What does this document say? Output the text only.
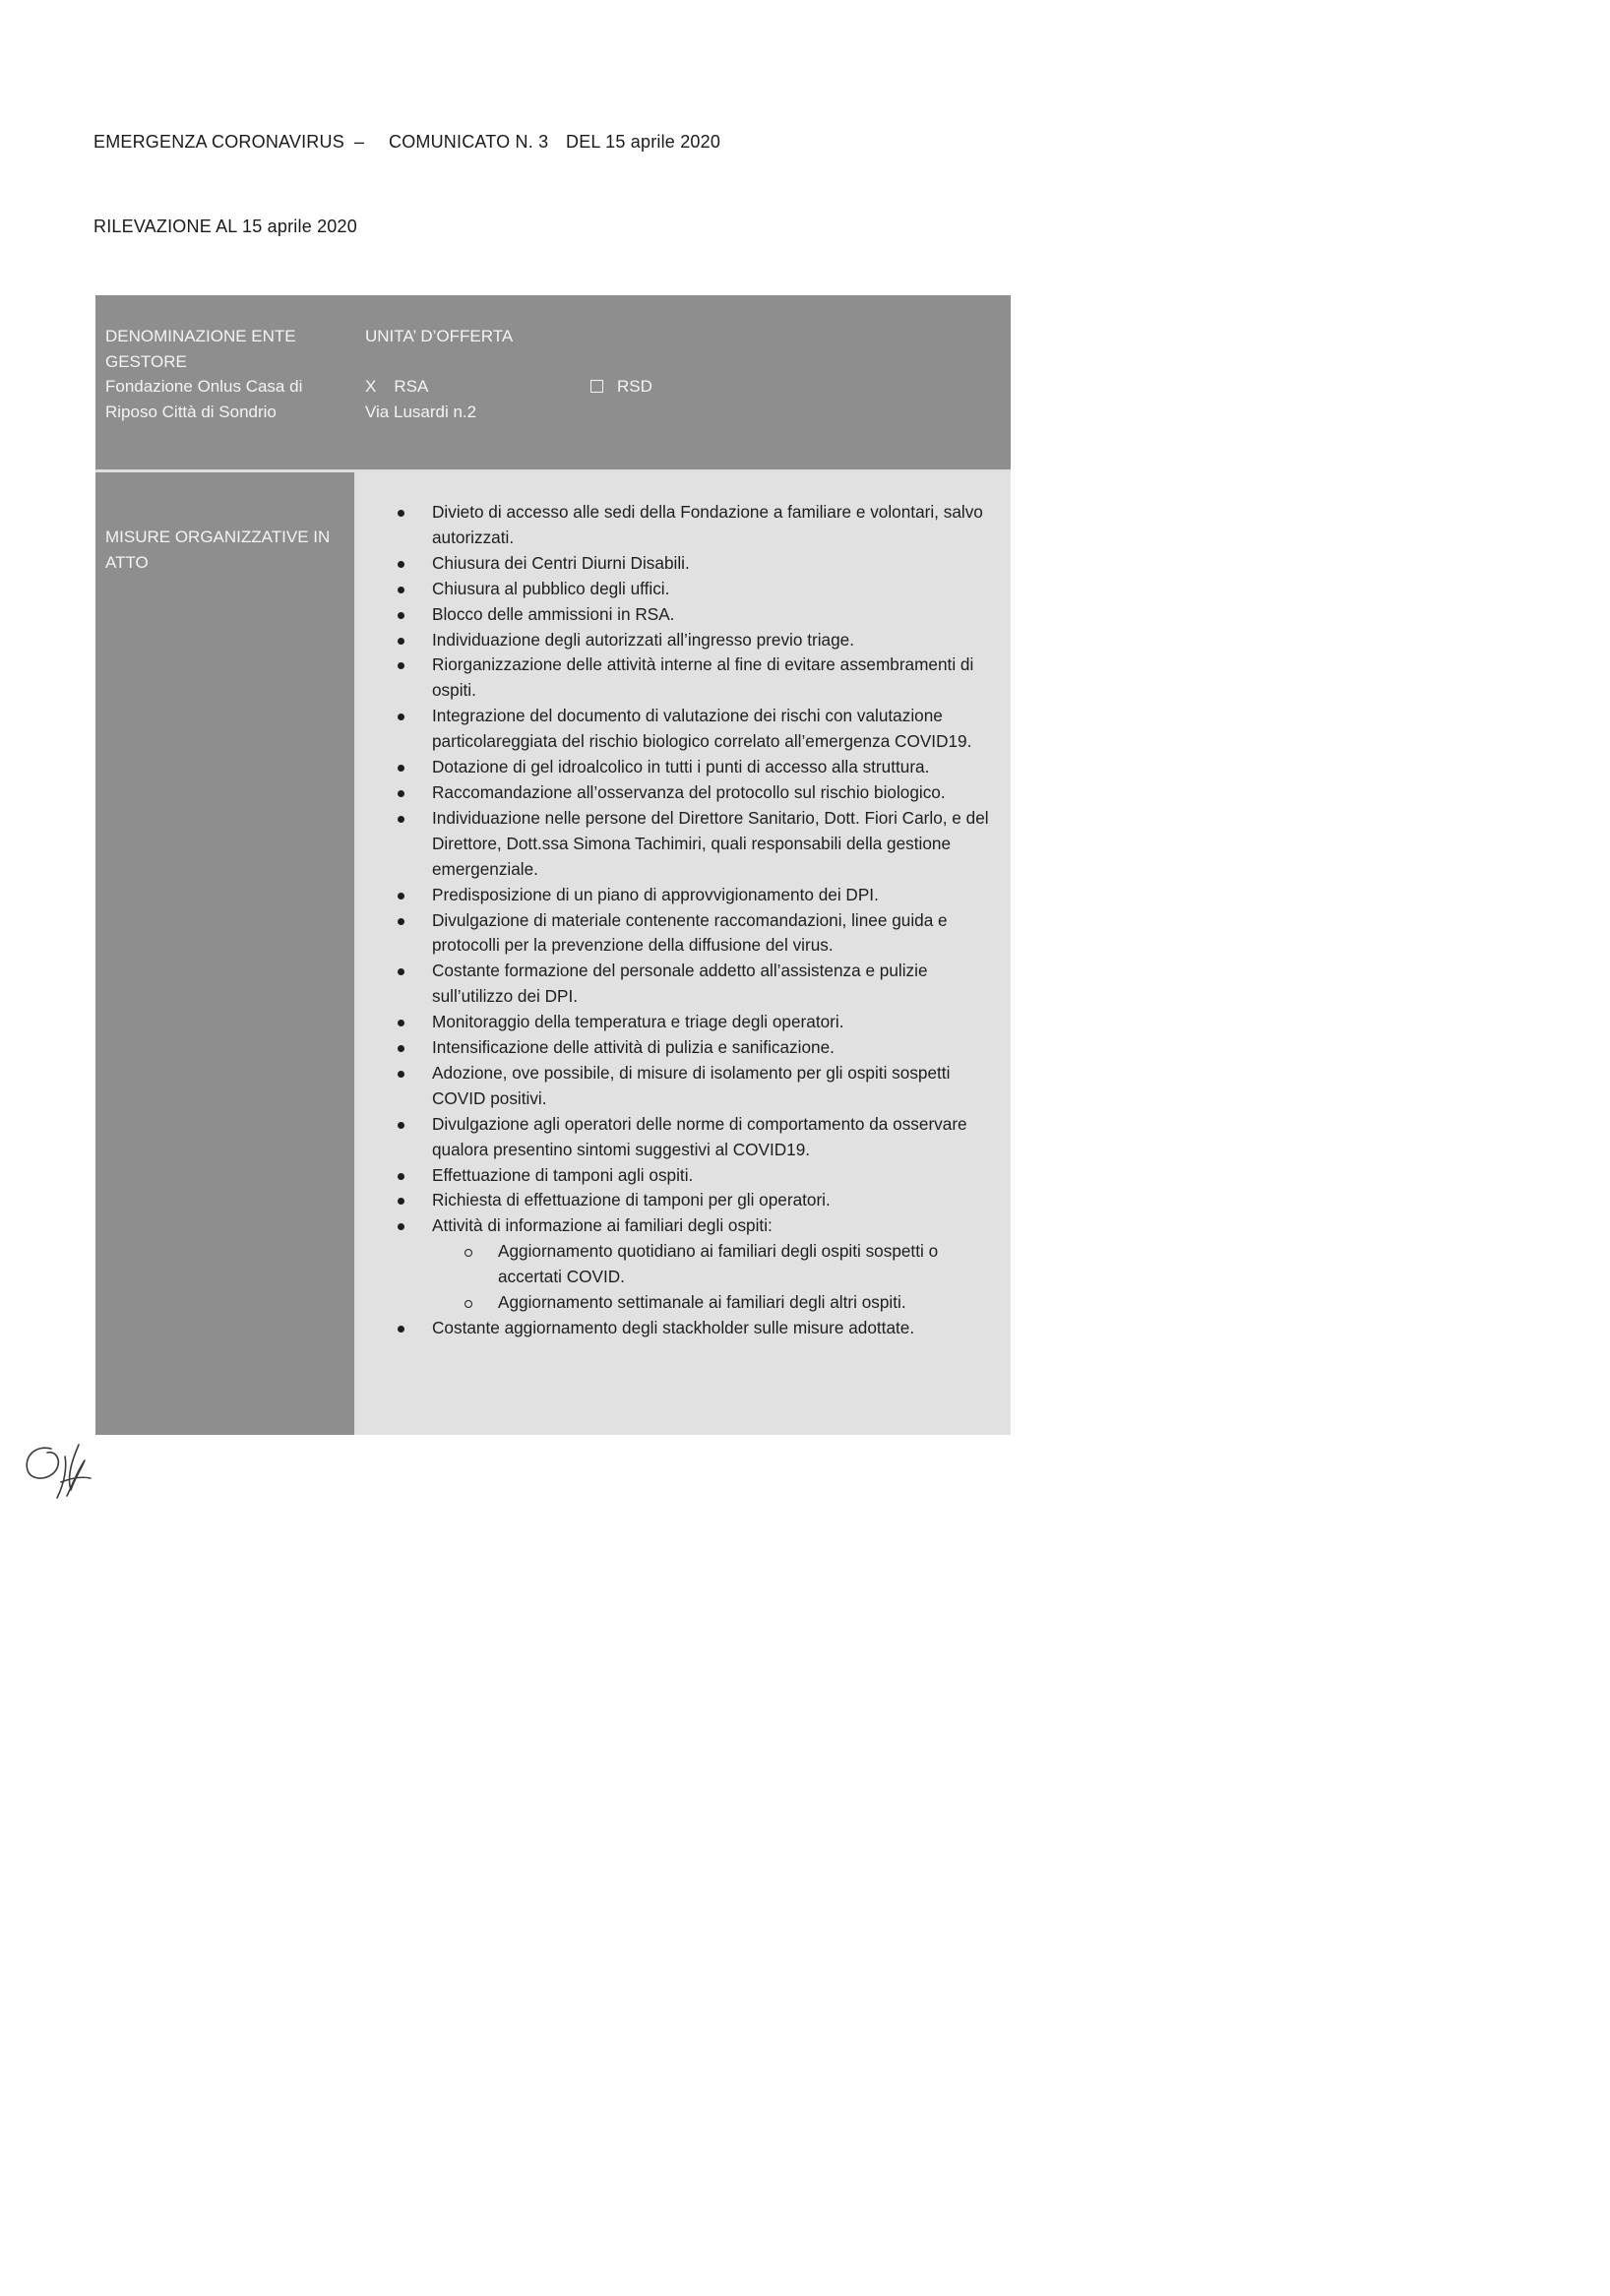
EMERGENZA CORONAVIRUS – COMUNICATO N. 3 DEL 15 aprile 2020
RILEVAZIONE AL 15 aprile 2020
DENOMINAZIONE ENTE
GESTORE
Fondazione Onlus Casa di
Riposo Città di Sondrio
UNITA’ D’OFFERTA
X RSA
Via Lusardi n.2
RSD
MISURE ORGANIZZATIVE IN ATTO
Divieto di accesso alle sedi della Fondazione a familiare e volontari, salvo autorizzati.
Chiusura dei Centri Diurni Disabili.
Chiusura al pubblico degli uffici.
Blocco delle ammissioni in RSA.
Individuazione degli autorizzati all’ingresso previo triage.
Riorganizzazione delle attività interne al fine di evitare assembramenti di ospiti.
Integrazione del documento di valutazione dei rischi con valutazione particolareggiata del rischio biologico correlato all’emergenza COVID19.
Dotazione di gel idroalcolico in tutti i punti di accesso alla struttura.
Raccomandazione all’osservanza del protocollo sul rischio biologico.
Individuazione nelle persone del Direttore Sanitario, Dott. Fiori Carlo, e del Direttore, Dott.ssa Simona Tachimiri, quali responsabili della gestione emergenziale.
Predisposizione di un piano di approvvigionamento dei DPI.
Divulgazione di materiale contenente raccomandazioni, linee guida e protocolli per la prevenzione della diffusione del virus.
Costante formazione del personale addetto all’assistenza e pulizie sull’utilizzo dei DPI.
Monitoraggio della temperatura e triage degli operatori.
Intensificazione delle attività di pulizia e sanificazione.
Adozione, ove possibile, di misure di isolamento per gli ospiti sospetti COVID positivi.
Divulgazione agli operatori delle norme di comportamento da osservare qualora presentino sintomi suggestivi al COVID19.
Effettuazione di tamponi agli ospiti.
Richiesta di effettuazione di tamponi per gli operatori.
Attività di informazione ai familiari degli ospiti:
Aggiornamento quotidiano ai familiari degli ospiti sospetti o accertati COVID.
Aggiornamento settimanale ai familiari degli altri ospiti.
Costante aggiornamento degli stackholder sulle misure adottate.
